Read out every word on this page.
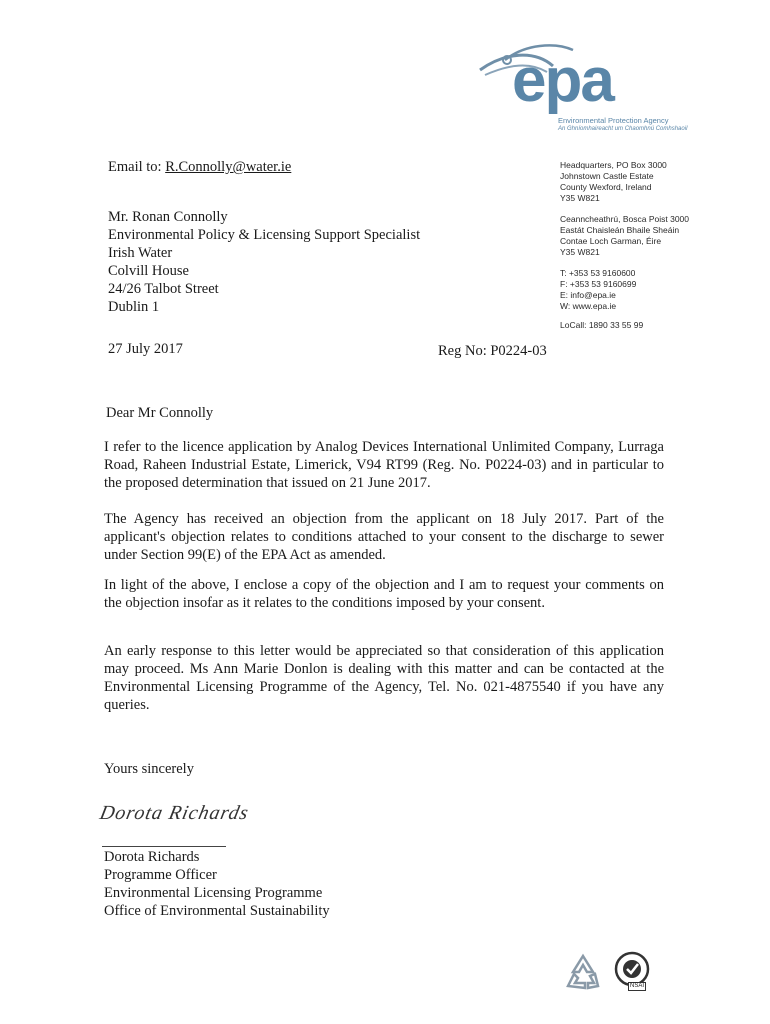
epa
Environmental Protection Agency
An Ghníomhaireacht um Chaomhnú Comhshaoil
Email to: R.Connolly@water.ie
Mr. Ronan Connolly
Environmental Policy & Licensing Support Specialist
Irish Water
Colvill House
24/26 Talbot Street
Dublin 1
Headquarters, PO Box 3000
Johnstown Castle Estate
County Wexford, Ireland
Y35 W821
Ceanncheathrú, Bosca Poist 3000
Eastát Chaisleán Bhaile Sheáin
Contae Loch Garman, Éire
Y35 W821
T: +353 53 9160600
F: +353 53 9160699
E: info@epa.ie
W: www.epa.ie
LoCall: 1890 33 55 99
27 July 2017	Reg No: P0224-03
Dear Mr Connolly
I refer to the licence application by Analog Devices International Unlimited Company, Lurraga Road, Raheen Industrial Estate, Limerick, V94 RT99 (Reg. No. P0224-03) and in particular to the proposed determination that issued on 21 June 2017.
The Agency has received an objection from the applicant on 18 July 2017. Part of the applicant's objection relates to conditions attached to your consent to the discharge to sewer under Section 99(E) of the EPA Act as amended.
In light of the above, I enclose a copy of the objection and I am to request your comments on the objection insofar as it relates to the conditions imposed by your consent.
An early response to this letter would be appreciated so that consideration of this application may proceed. Ms Ann Marie Donlon is dealing with this matter and can be contacted at the Environmental Licensing Programme of the Agency, Tel. No. 021-4875540 if you have any queries.
Yours sincerely
Dorota Richards
Dorota Richards
Programme Officer
Environmental Licensing Programme
Office of Environmental Sustainability
NSAI
